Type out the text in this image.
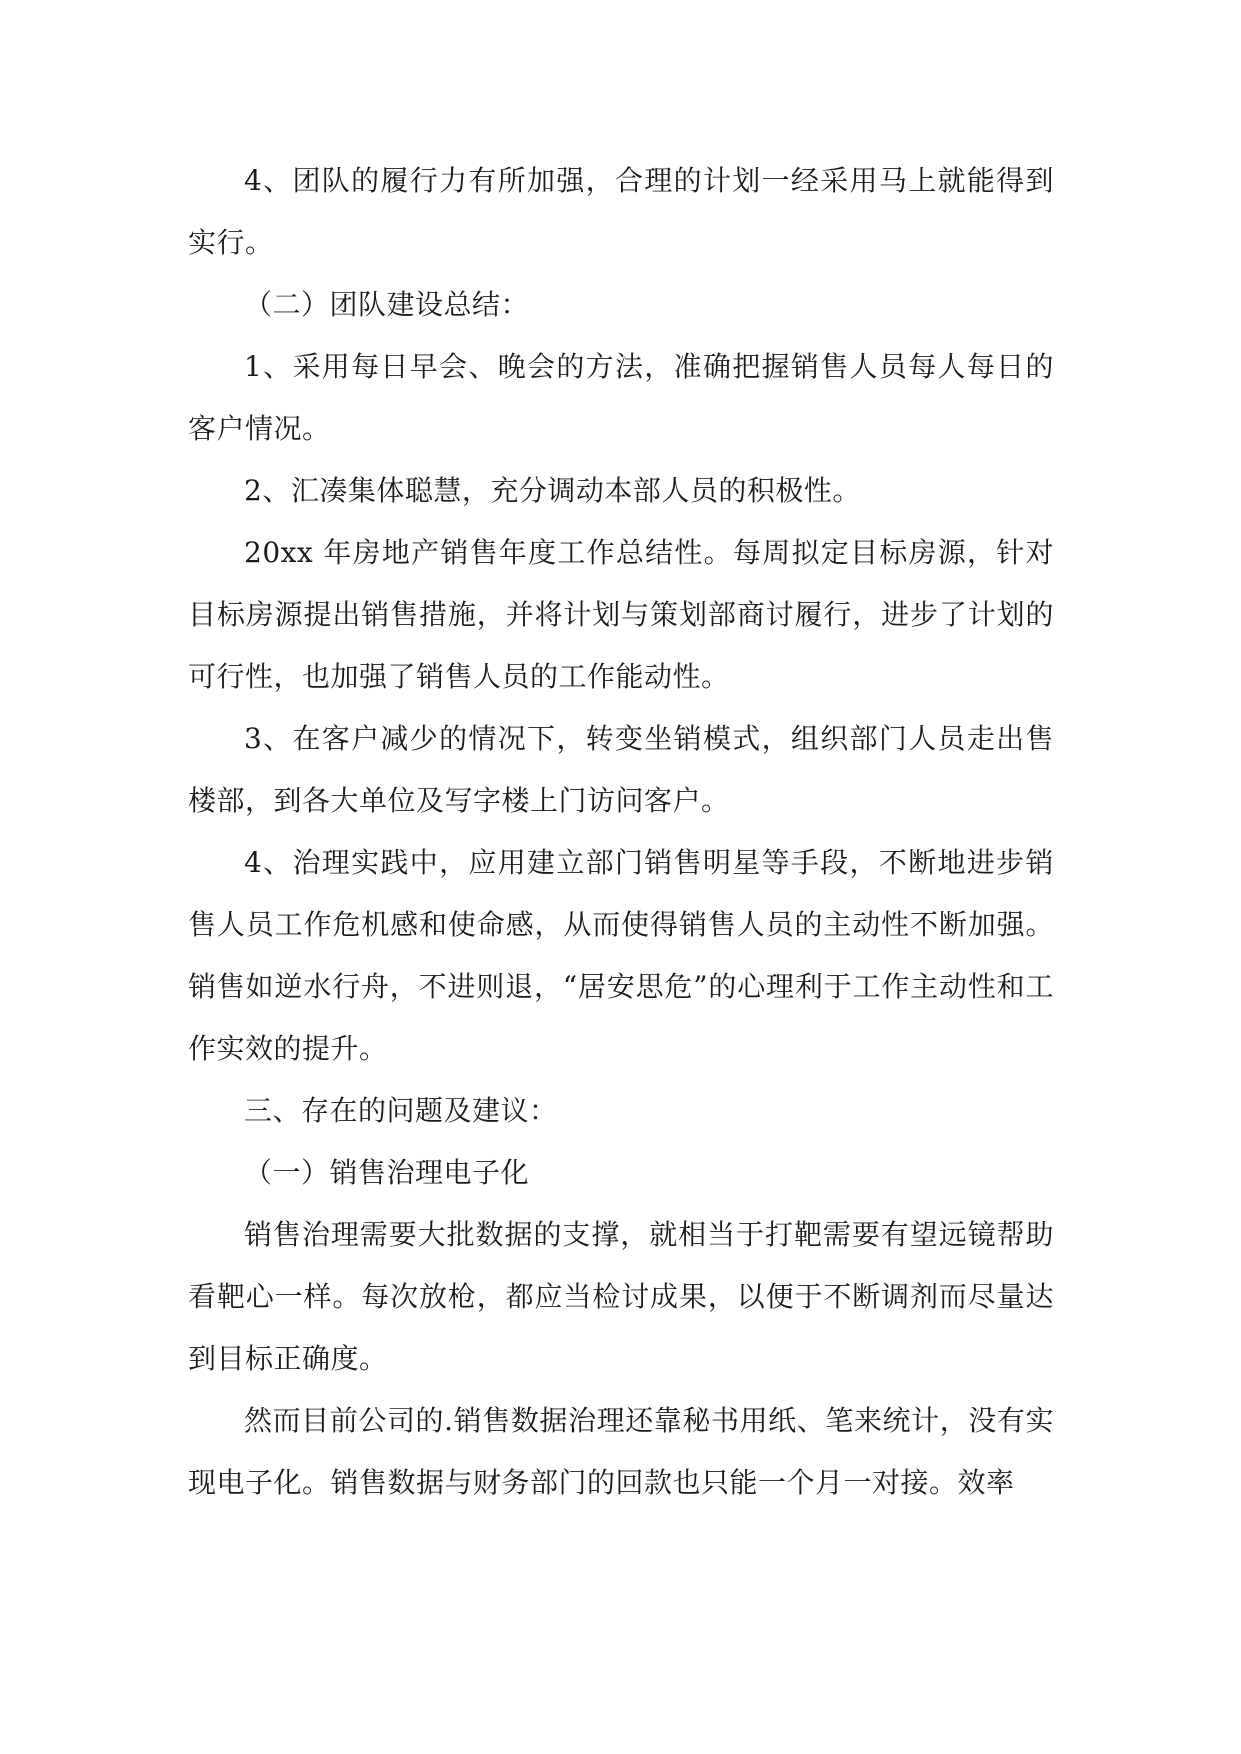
4、团队的履行力有所加强，合理的计划一经采用马上就能得到实行。

（二）团队建设总结：

1、采用每日早会、晚会的方法，准确把握销售人员每人每日的客户情况。

2、汇凑集体聪慧，充分调动本部人员的积极性。

20xx 年房地产销售年度工作总结性。每周拟定目标房源，针对目标房源提出销售措施，并将计划与策划部商讨履行，进步了计划的可行性，也加强了销售人员的工作能动性。

3、在客户减少的情况下，转变坐销模式，组织部门人员走出售楼部，到各大单位及写字楼上门访问客户。

4、治理实践中，应用建立部门销售明星等手段，不断地进步销售人员工作危机感和使命感，从而使得销售人员的主动性不断加强。销售如逆水行舟，不进则退，“居安思危”的心理利于工作主动性和工作实效的提升。

三、存在的问题及建议：

（一）销售治理电子化

销售治理需要大批数据的支撑，就相当于打靶需要有望远镜帮助看靶心一样。每次放枪，都应当检讨成果，以便于不断调剂而尽量达到目标正确度。

然而目前公司的.销售数据治理还靠秘书用纸、笔来统计，没有实现电子化。销售数据与财务部门的回款也只能一个月一对接。效率
